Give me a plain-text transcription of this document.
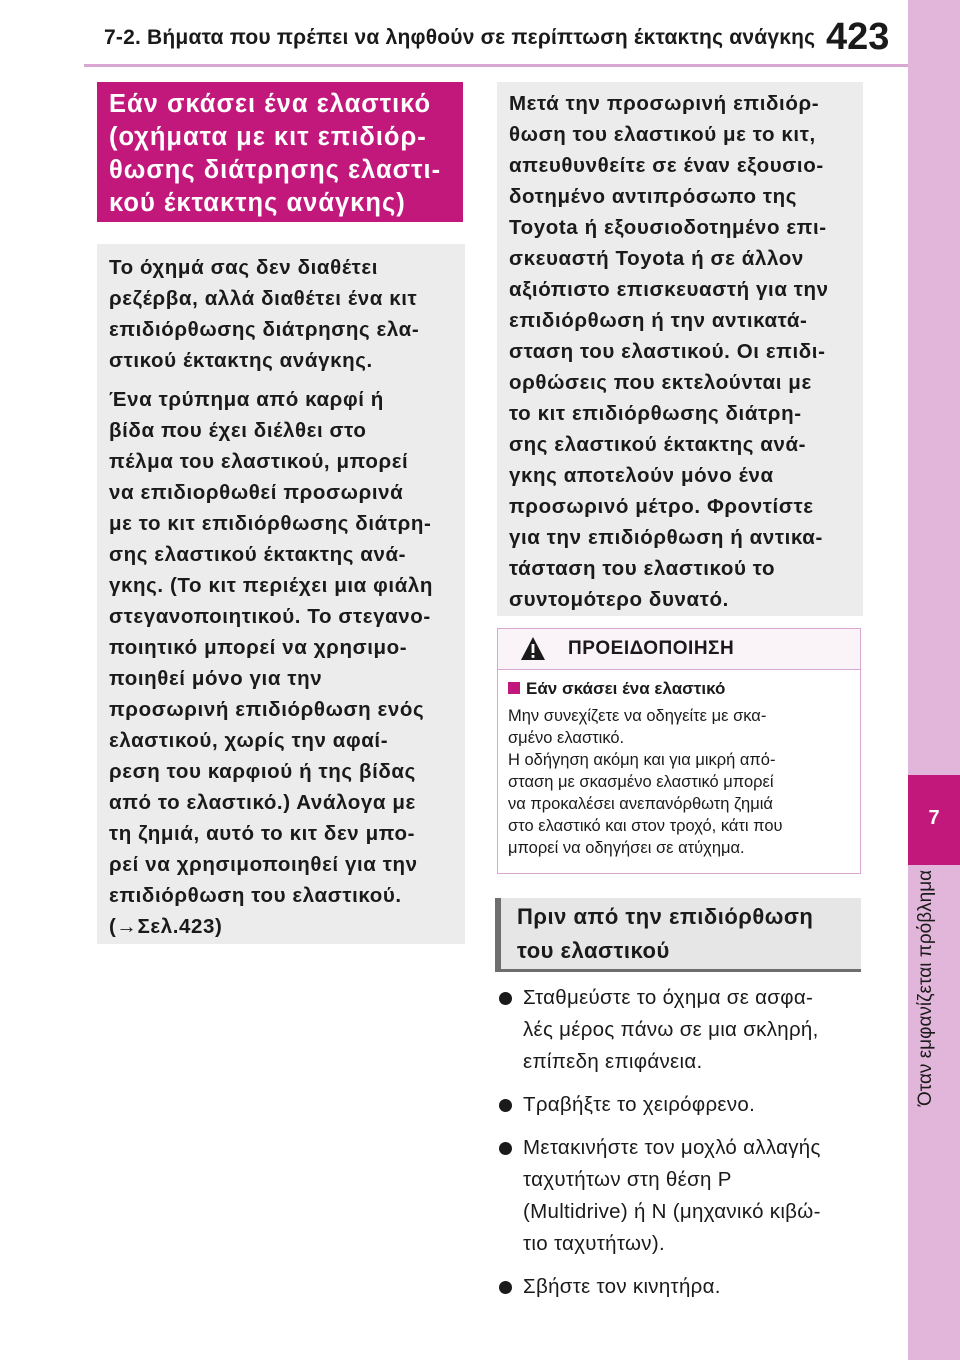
7-2. Βήματα που πρέπει να ληφθούν σε περίπτωση έκτακτης ανάγκης 423
7
Όταν εμφανίζεται πρόβλημα
Εάν σκάσει ένα ελαστικό
(οχήματα με κιτ επιδιόρ-
θωσης διάτρησης ελαστι-
κού έκτακτης ανάγκης)

Το όχημά σας δεν διαθέτει
ρεζέρβα, αλλά διαθέτει ένα κιτ
επιδιόρθωσης διάτρησης ελα-
στικού έκτακτης ανάγκης.

Ένα τρύπημα από καρφί ή
βίδα που έχει διέλθει στο
πέλμα του ελαστικού, μπορεί
να επιδιορθωθεί προσωρινά
με το κιτ επιδιόρθωσης διάτρη-
σης ελαστικού έκτακτης ανά-
γκης. (Το κιτ περιέχει μια φιάλη
στεγανοποιητικού. Το στεγανο-
ποιητικό μπορεί να χρησιμο-
ποιηθεί μόνο για την
προσωρινή επιδιόρθωση ενός
ελαστικού, χωρίς την αφαί-
ρεση του καρφιού ή της βίδας
από το ελαστικό.) Ανάλογα με
τη ζημιά, αυτό το κιτ δεν μπο-
ρεί να χρησιμοποιηθεί για την
επιδιόρθωση του ελαστικού.
(→Σελ.423)

Μετά την προσωρινή επιδιόρ-
θωση του ελαστικού με το κιτ,
απευθυνθείτε σε έναν εξουσιο-
δοτημένο αντιπρόσωπο της
Toyota ή εξουσιοδοτημένο επι-
σκευαστή Toyota ή σε άλλον
αξιόπιστο επισκευαστή για την
επιδιόρθωση ή την αντικατά-
σταση του ελαστικού. Οι επιδι-
ορθώσεις που εκτελούνται με
το κιτ επιδιόρθωσης διάτρη-
σης ελαστικού έκτακτης ανά-
γκης αποτελούν μόνο ένα
προσωρινό μέτρο. Φροντίστε
για την επιδιόρθωση ή αντικα-
τάσταση του ελαστικού το
συντομότερο δυνατό.

ΠΡΟΕΙΔΟΠΟΙΗΣΗ
Εάν σκάσει ένα ελαστικό
Μην συνεχίζετε να οδηγείτε με σκα-
σμένο ελαστικό.
Η οδήγηση ακόμη και για μικρή από-
σταση με σκασμένο ελαστικό μπορεί
να προκαλέσει ανεπανόρθωτη ζημιά
στο ελαστικό και στον τροχό, κάτι που
μπορεί να οδηγήσει σε ατύχημα.
Πριν από την επιδιόρθωση
του ελαστικού
Σταθμεύστε το όχημα σε ασφα-
λές μέρος πάνω σε μια σκληρή,
επίπεδη επιφάνεια.
Τραβήξτε το χειρόφρενο.
Μετακινήστε τον μοχλό αλλαγής
ταχυτήτων στη θέση P
(Multidrive) ή N (μηχανικό κιβώ-
τιο ταχυτήτων).
Σβήστε τον κινητήρα.
